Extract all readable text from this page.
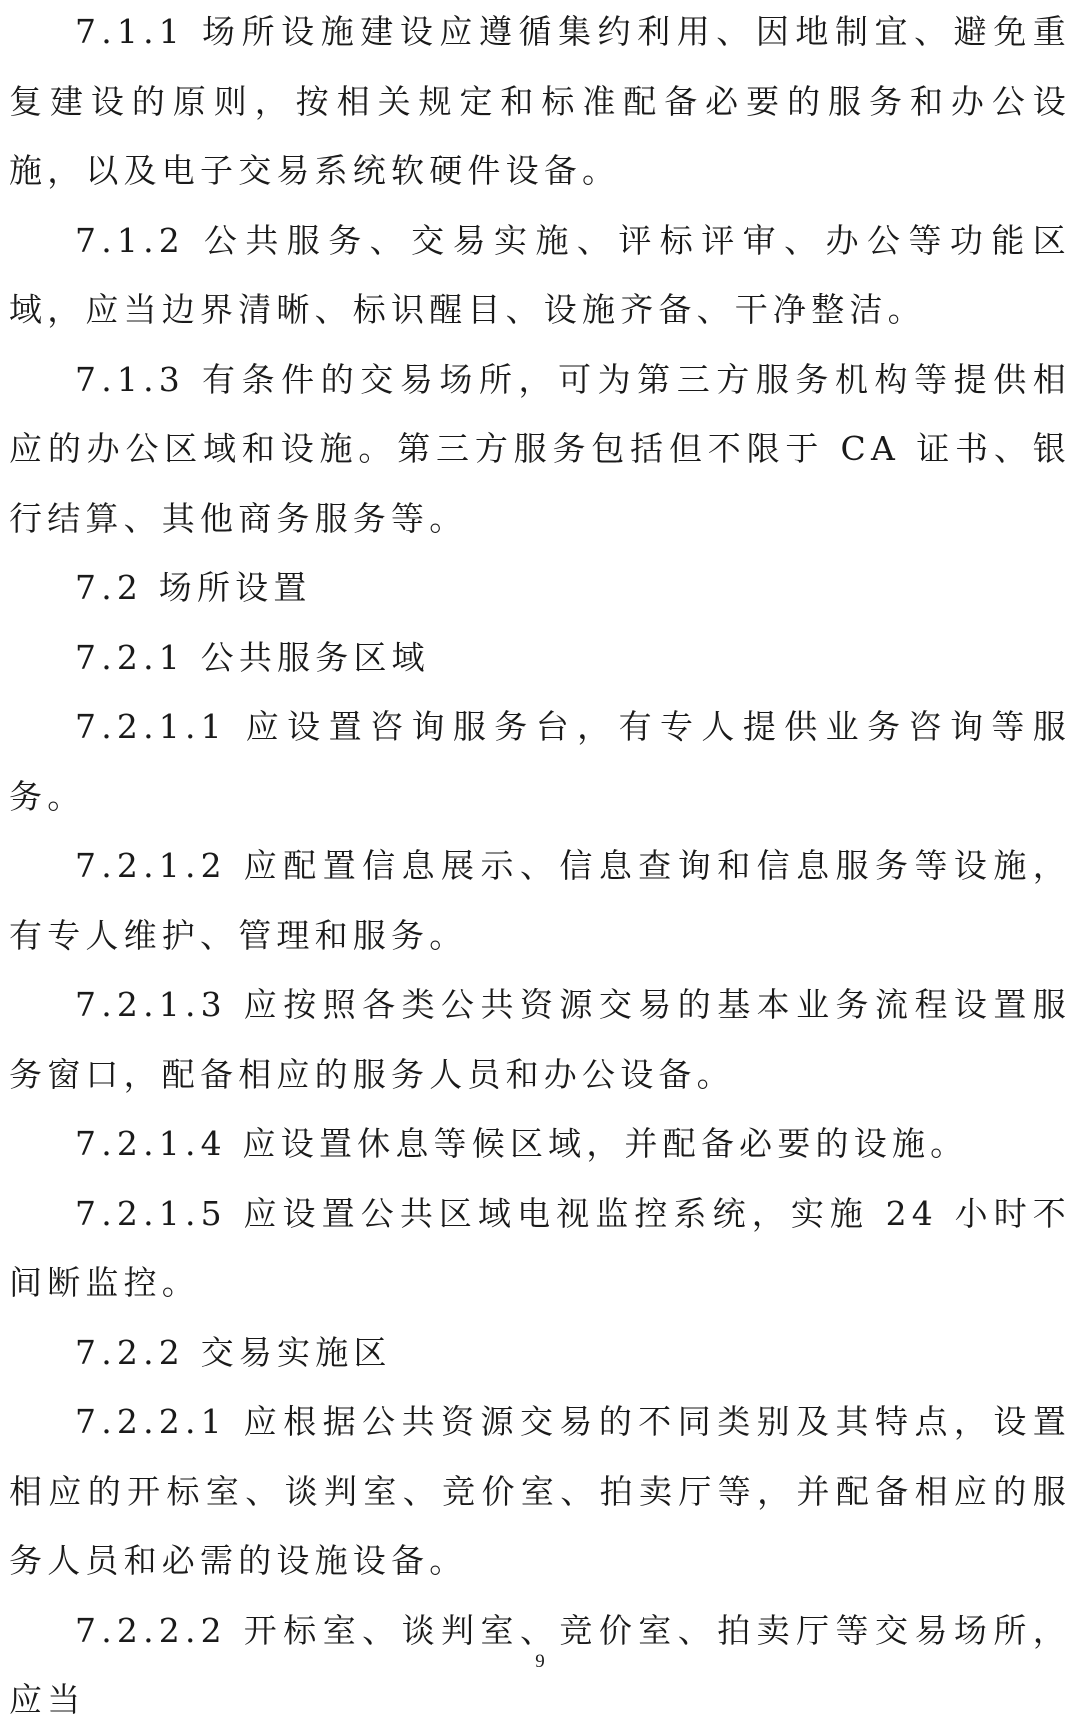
7.1.1 场所设施建设应遵循集约利用、因地制宜、避免重复建设的原则，按相关规定和标准配备必要的服务和办公设施，以及电子交易系统软硬件设备。

7.1.2 公共服务、交易实施、评标评审、办公等功能区域，应当边界清晰、标识醒目、设施齐备、干净整洁。

7.1.3 有条件的交易场所，可为第三方服务机构等提供相应的办公区域和设施。第三方服务包括但不限于 CA 证书、银行结算、其他商务服务等。

7.2 场所设置

7.2.1 公共服务区域

7.2.1.1 应设置咨询服务台，有专人提供业务咨询等服务。

7.2.1.2 应配置信息展示、信息查询和信息服务等设施，有专人维护、管理和服务。

7.2.1.3 应按照各类公共资源交易的基本业务流程设置服务窗口，配备相应的服务人员和办公设备。

7.2.1.4 应设置休息等候区域，并配备必要的设施。

7.2.1.5 应设置公共区域电视监控系统，实施 24 小时不间断监控。

7.2.2 交易实施区

7.2.2.1 应根据公共资源交易的不同类别及其特点，设置相应的开标室、谈判室、竞价室、拍卖厅等，并配备相应的服务人员和必需的设施设备。

7.2.2.2 开标室、谈判室、竞价室、拍卖厅等交易场所，应当

9
